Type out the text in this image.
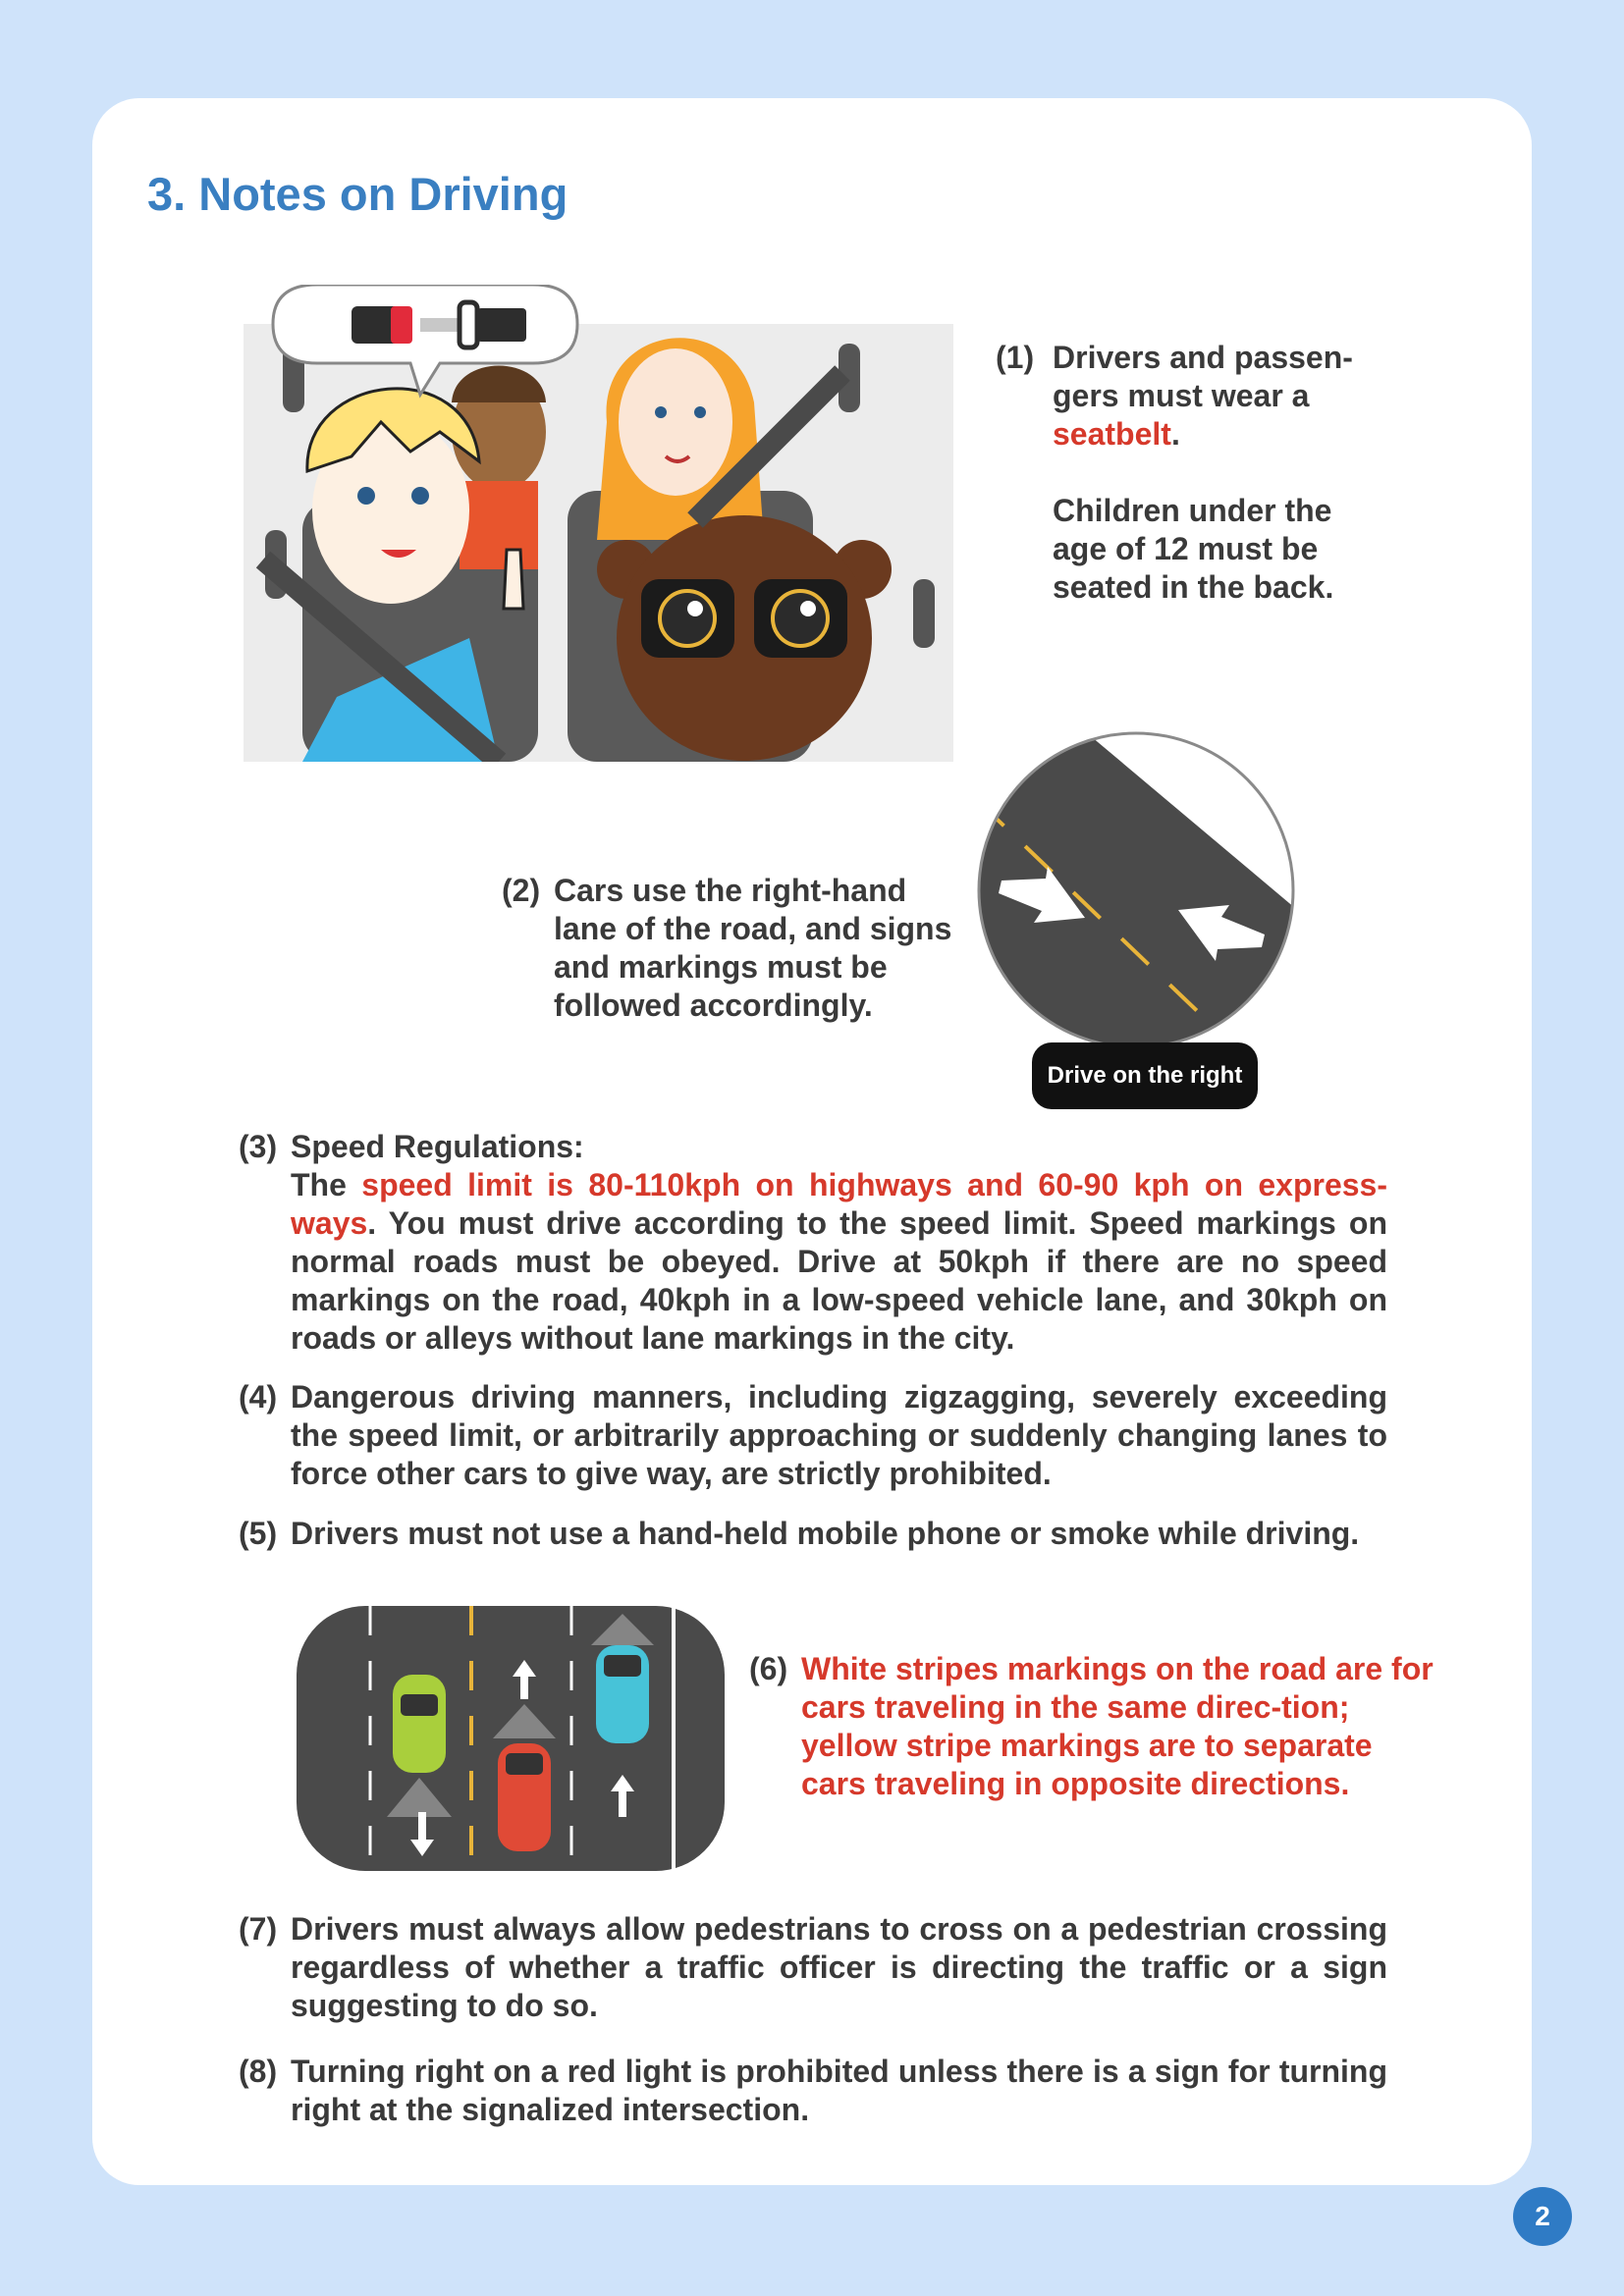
3. Notes on Driving
(1) Drivers and passen-gers must wear a seatbelt.
Children under the age of 12 must be seated in the back.
Drive on the right
(2) Cars use the right-hand lane of the road, and signs and markings must be followed accordingly.
(3) Speed Regulations:
The speed limit is 80-110kph on highways and 60-90 kph on express-ways. You must drive according to the speed limit. Speed markings on normal roads must be obeyed. Drive at 50kph if there are no speed markings on the road, 40kph in a low-speed vehicle lane, and 30kph on roads or alleys without lane markings in the city.
(4) Dangerous driving manners, including zigzagging, severely exceeding the speed limit, or arbitrarily approaching or suddenly changing lanes to force other cars to give way, are strictly prohibited.
(5) Drivers must not use a hand-held mobile phone or smoke while driving.
(6) White stripes markings on the road are for cars traveling in the same direc-tion; yellow stripe markings are to separate cars traveling in opposite directions.
(7) Drivers must always allow pedestrians to cross on a pedestrian crossing regardless of whether a traffic officer is directing the traffic or a sign suggesting to do so.
(8) Turning right on a red light is prohibited unless there is a sign for turning right at the signalized intersection.
2
